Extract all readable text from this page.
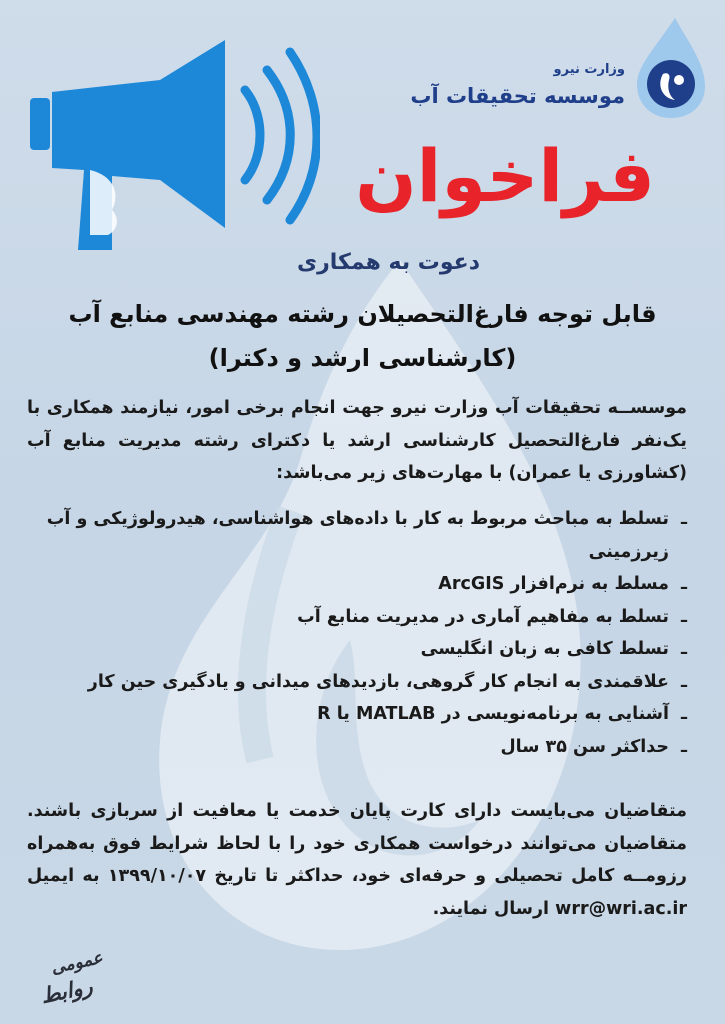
وزارت نیرو

موسسه تحقیقات آب

فراخوان

دعوت به همکاری

قابل توجه فارغ‌التحصیلان رشته مهندسی منابع آب
(کارشناسی ارشد و دکترا)

موسســه تحقیقات آب وزارت نیرو جهت انجام برخی امور، نیازمند همکاری با یک‌نفر فارغ‌التحصیل کارشناسی ارشد یا دکترای رشته مدیریت منابع آب (کشاورزی یا عمران) با مهارت‌های زیر می‌باشد:

ـ تسلط به مباحث مربوط به کار با داده‌های هواشناسی، هیدرولوژیکی و آب زیرزمینی
ـ مسلط به نرم‌افزار ArcGIS
ـ تسلط به مفاهیم آماری در مدیریت منابع آب
ـ تسلط کافی به زبان انگلیسی
ـ علاقمندی به انجام کار گروهی، بازدیدهای میدانی و یادگیری حین کار
ـ آشنایی به برنامه‌نویسی در MATLAB یا R
ـ حداکثر سن ۳۵ سال

متقاضیان می‌بایست دارای کارت پایان خدمت یا معافیت از سربازی باشند. متقاضیان می‌توانند درخواست همکاری خود را با لحاظ شرایط فوق به‌همراه رزومــه کامل تحصیلی و حرفه‌ای خود، حداکثر تا تاریخ ۱۳۹۹/۱۰/۰۷ به ایمیل wrr@wri.ac.ir ارسال نمایند.

عمومی
روابط
